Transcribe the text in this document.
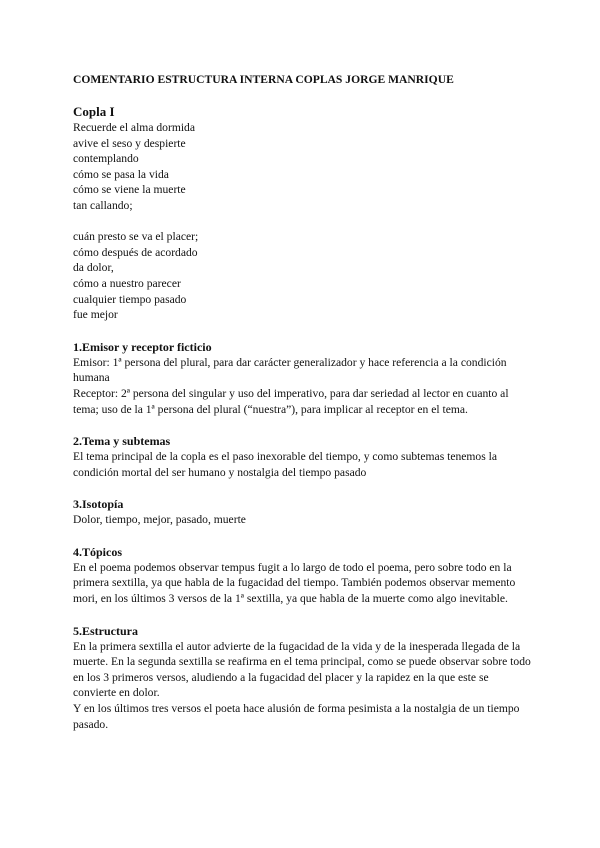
COMENTARIO ESTRUCTURA INTERNA COPLAS JORGE MANRIQUE

Copla I

Recuerde el alma dormida

avive el seso y despierte

contemplando

cómo se pasa la vida

cómo se viene la muerte

tan callando;

cuán presto se va el placer;

cómo después de acordado

da dolor,

cómo a nuestro parecer

cualquier tiempo pasado

fue mejor

1.Emisor y receptor ficticio

Emisor: 1ª persona del plural, para dar carácter generalizador y hace referencia a la condición humana

Receptor: 2ª persona del singular y uso del imperativo, para dar seriedad al lector en cuanto al tema; uso de la 1ª persona del plural (“nuestra”), para implicar al receptor en el tema.

2.Tema y subtemas

El tema principal de la copla es el paso inexorable del tiempo, y como subtemas tenemos la condición mortal del ser humano y nostalgia del tiempo pasado

3.Isotopía

Dolor, tiempo, mejor, pasado, muerte

4.Tópicos

En el poema podemos observar tempus fugit a lo largo de todo el poema, pero sobre todo en la primera sextilla, ya que habla de la fugacidad del tiempo. También podemos observar memento mori, en los últimos 3 versos de la 1ª sextilla, ya que habla de la muerte como algo inevitable.

5.Estructura

En la primera sextilla el autor advierte de la fugacidad de la vida y de la inesperada llegada de la muerte. En la segunda sextilla se reafirma en el tema principal, como se puede observar sobre todo en los 3 primeros versos, aludiendo a la fugacidad del placer y la rapidez en la que este se convierte en dolor.

Y en los últimos tres versos el poeta hace alusión de forma pesimista a la nostalgia de un tiempo pasado.
